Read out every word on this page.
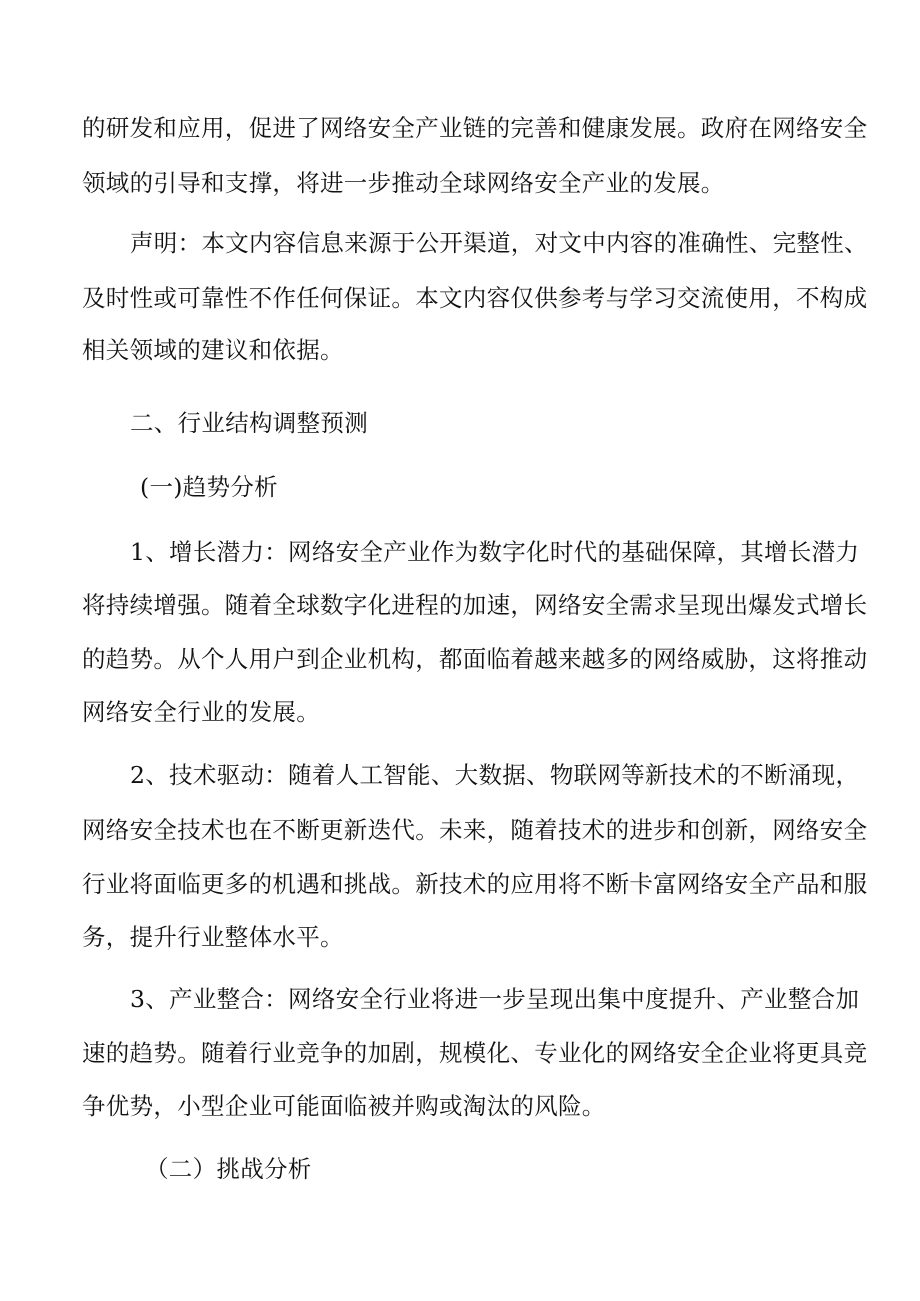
的研发和应用，促进了网络安全产业链的完善和健康发展。政府在网络安全
领域的引导和支撑，将进一步推动全球网络安全产业的发展。
声明：本文内容信息来源于公开渠道，对文中内容的准确性、完整性、
及时性或可靠性不作任何保证。本文内容仅供参考与学习交流使用，不构成
相关领域的建议和依据。
二、行业结构调整预测
(一)趋势分析
1、增长潜力：网络安全产业作为数字化时代的基础保障，其增长潜力
将持续增强。随着全球数字化进程的加速，网络安全需求呈现出爆发式增长
的趋势。从个人用户到企业机构，都面临着越来越多的网络威胁，这将推动
网络安全行业的发展。
2、技术驱动：随着人工智能、大数据、物联网等新技术的不断涌现，
网络安全技术也在不断更新迭代。未来，随着技术的进步和创新，网络安全
行业将面临更多的机遇和挑战。新技术的应用将不断卡富网络安全产品和服
务，提升行业整体水平。
3、产业整合：网络安全行业将进一步呈现出集中度提升、产业整合加
速的趋势。随着行业竞争的加剧，规模化、专业化的网络安全企业将更具竞
争优势，小型企业可能面临被并购或淘汰的风险。
（二）挑战分析
